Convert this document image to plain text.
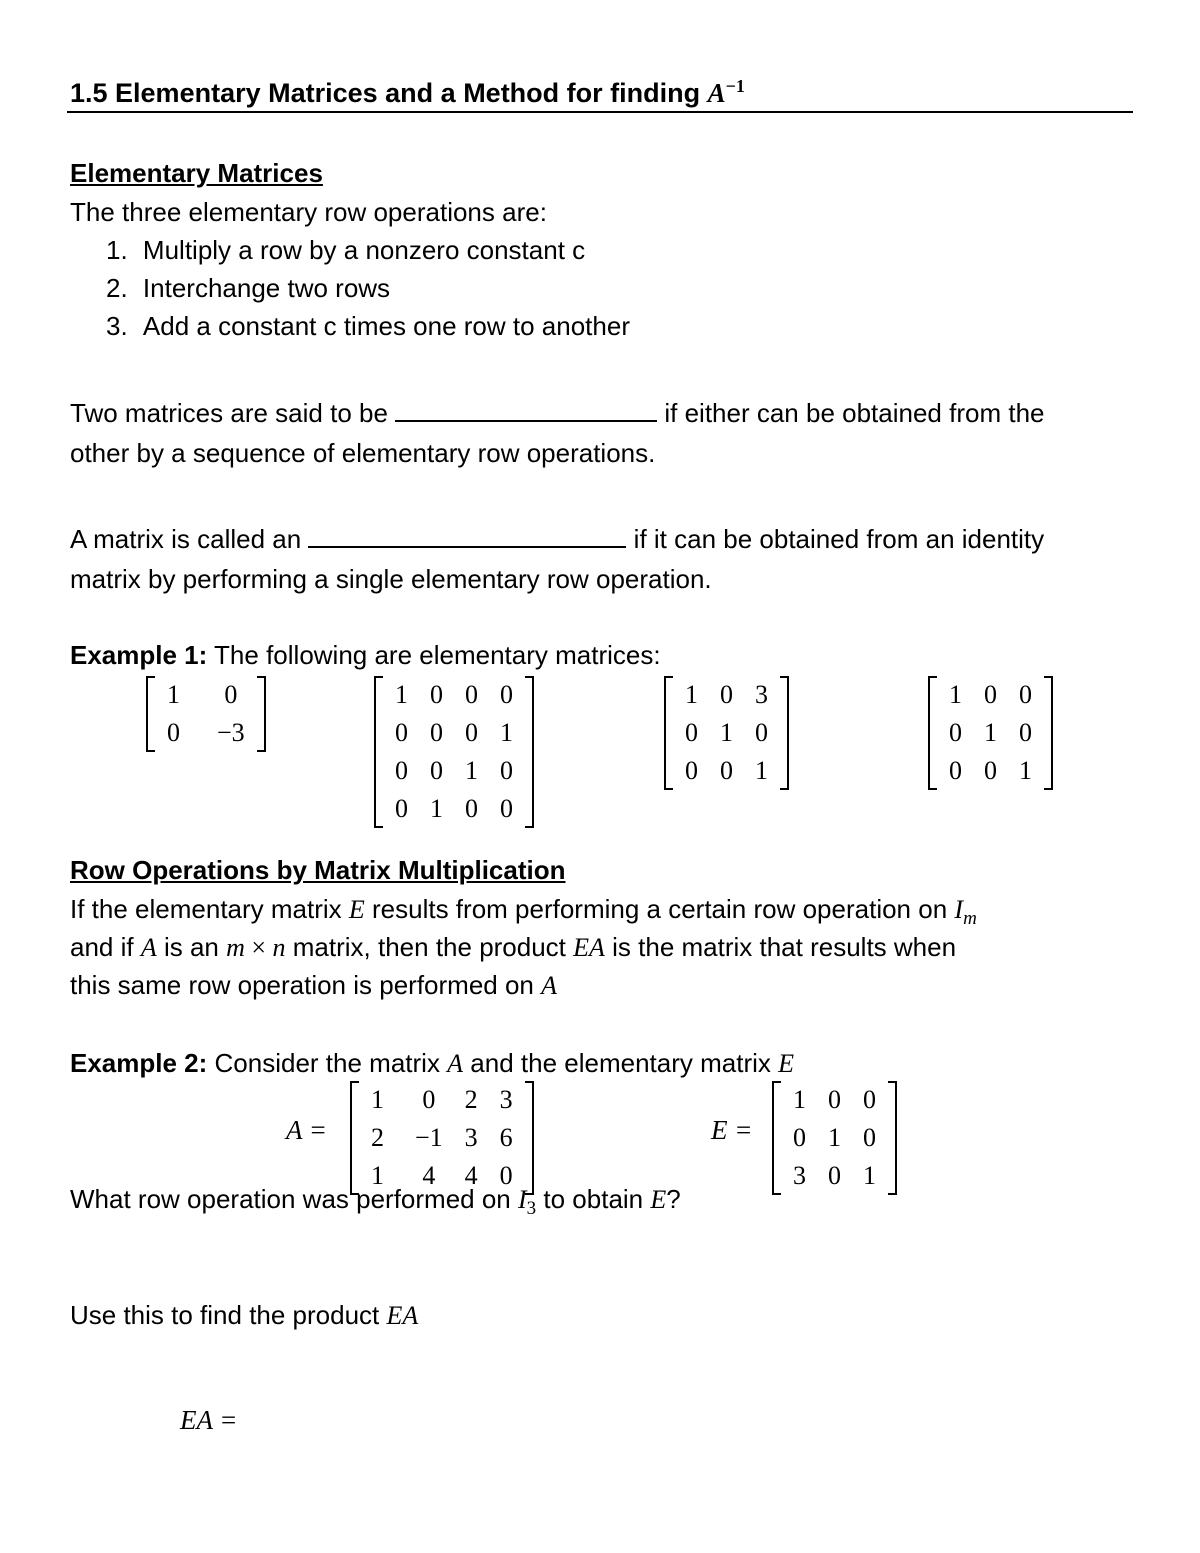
1.5 Elementary Matrices and a Method for finding $A^{-1}$
Elementary Matrices
The three elementary row operations are:
1. Multiply a row by a nonzero constant c
2. Interchange two rows
3. Add a constant c times one row to another
Two matrices are said to be	if either can be obtained from the
other by a sequence of elementary row operations.
A matrix is called an	if it can be obtained from an identity
matrix by performing a single elementary row operation.
Example 1: The following are elementary matrices:
1	0
0	−3
1	0	0	0
0	0	0	1
0	0	1	0
0	1	0	0
1	0	3
0	1	0
0	0	1
1	0	0
0	1	0
0	0	1
Row Operations by Matrix Multiplication
If the elementary matrix E results from performing a certain row operation on $I_m$
and if A is an m × n matrix, then the product EA is the matrix that results when
this same row operation is performed on A
Example 2: Consider the matrix A and the elementary matrix E
A =
1	0	2	3
2	−1	3	6
1	4	4	0
E =
1	0	0
0	1	0
3	0	1
What row operation was performed on $I_3$ to obtain E?
Use this to find the product EA
EA =
